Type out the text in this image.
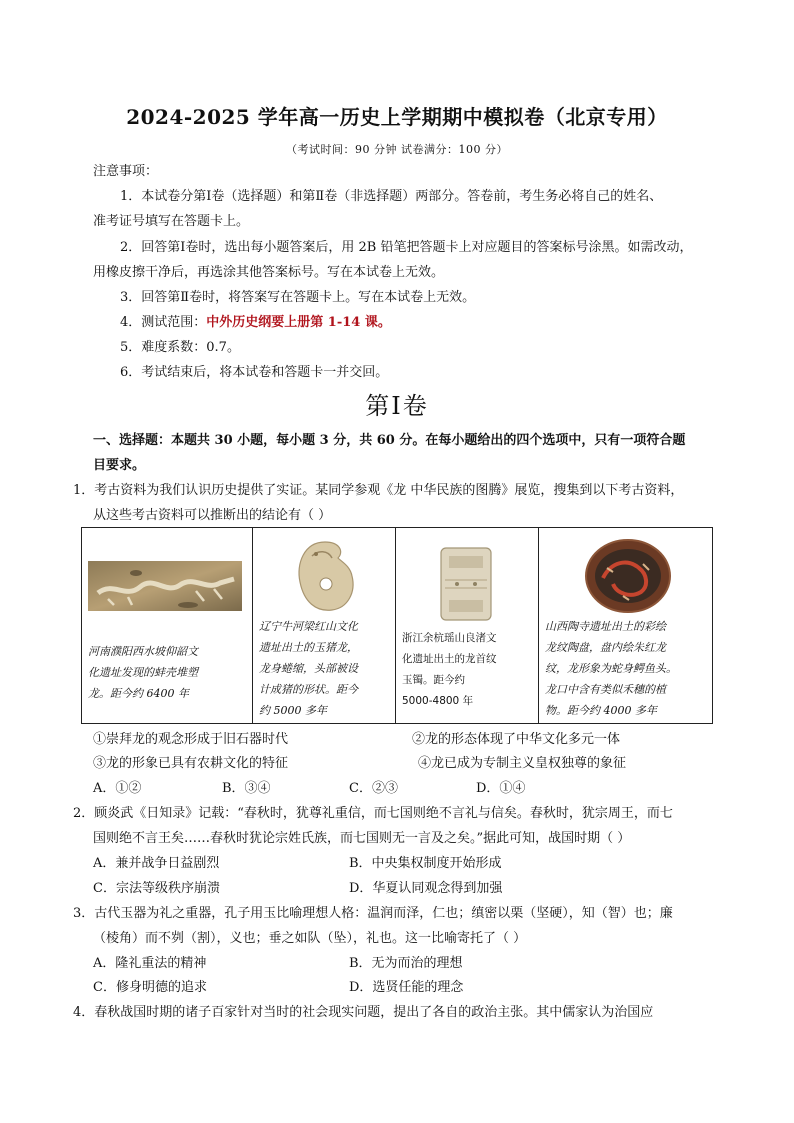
2024-2025 学年高一历史上学期期中模拟卷（北京专用）
（考试时间：90 分钟 试卷满分：100 分）
注意事项：
1．本试卷分第Ⅰ卷（选择题）和第Ⅱ卷（非选择题）两部分。答卷前，考生务必将自己的姓名、
准考证号填写在答题卡上。
2．回答第Ⅰ卷时，选出每小题答案后，用 2B 铅笔把答题卡上对应题目的答案标号涂黑。如需改动，
用橡皮擦干净后，再选涂其他答案标号。写在本试卷上无效。
3．回答第Ⅱ卷时，将答案写在答题卡上。写在本试卷上无效。
4．测试范围：中外历史纲要上册第 1-14 课。
5．难度系数：0.7。
6．考试结束后，将本试卷和答题卡一并交回。
第Ⅰ卷
一、选择题：本题共 30 小题，每小题 3 分，共 60 分。在每小题给出的四个选项中，只有一项符合题
目要求。
1．考古资料为我们认识历史提供了实证。某同学参观《龙 中华民族的图腾》展览，搜集到以下考古资料，
从这些考古资料可以推断出的结论有（ ）
河南濮阳西水坡仰韶文
化遗址发现的蚌壳堆塑
龙。距今约 6400 年

辽宁牛河梁红山文化
遗址出土的玉猪龙，
龙身蜷缩，头部被设
计成猪的形状。距今
约 5000 多年

浙江余杭瑶山良渚文
化遗址出土的龙首纹
玉镯。距今约
5000-4800 年

山西陶寺遗址出土的彩绘
龙纹陶盘，盘内绘朱红龙
纹，龙形象为蛇身鳄鱼头。
龙口中含有类似禾穗的植
物。距今约 4000 多年
①崇拜龙的观念形成于旧石器时代	②龙的形态体现了中华文化多元一体
③龙的形象已具有农耕文化的特征	④龙已成为专制主义皇权独尊的象征
A．①②	B．③④	C．②③	D．①④
2．顾炎武《日知录》记载：“春秋时，犹尊礼重信，而七国则绝不言礼与信矣。春秋时，犹宗周王，而七
国则绝不言王矣……春秋时犹论宗姓氏族，而七国则无一言及之矣。”据此可知，战国时期（ ）
A．兼并战争日益剧烈	B．中央集权制度开始形成
C．宗法等级秩序崩溃	D．华夏认同观念得到加强
3．古代玉器为礼之重器，孔子用玉比喻理想人格：温润而泽，仁也；缜密以栗（坚硬），知（智）也；廉
（棱角）而不刿（割），义也；垂之如队（坠），礼也。这一比喻寄托了（ ）
A．隆礼重法的精神	B．无为而治的理想
C．修身明德的追求	D．选贤任能的理念
4．春秋战国时期的诸子百家针对当时的社会现实问题，提出了各自的政治主张。其中儒家认为治国应
